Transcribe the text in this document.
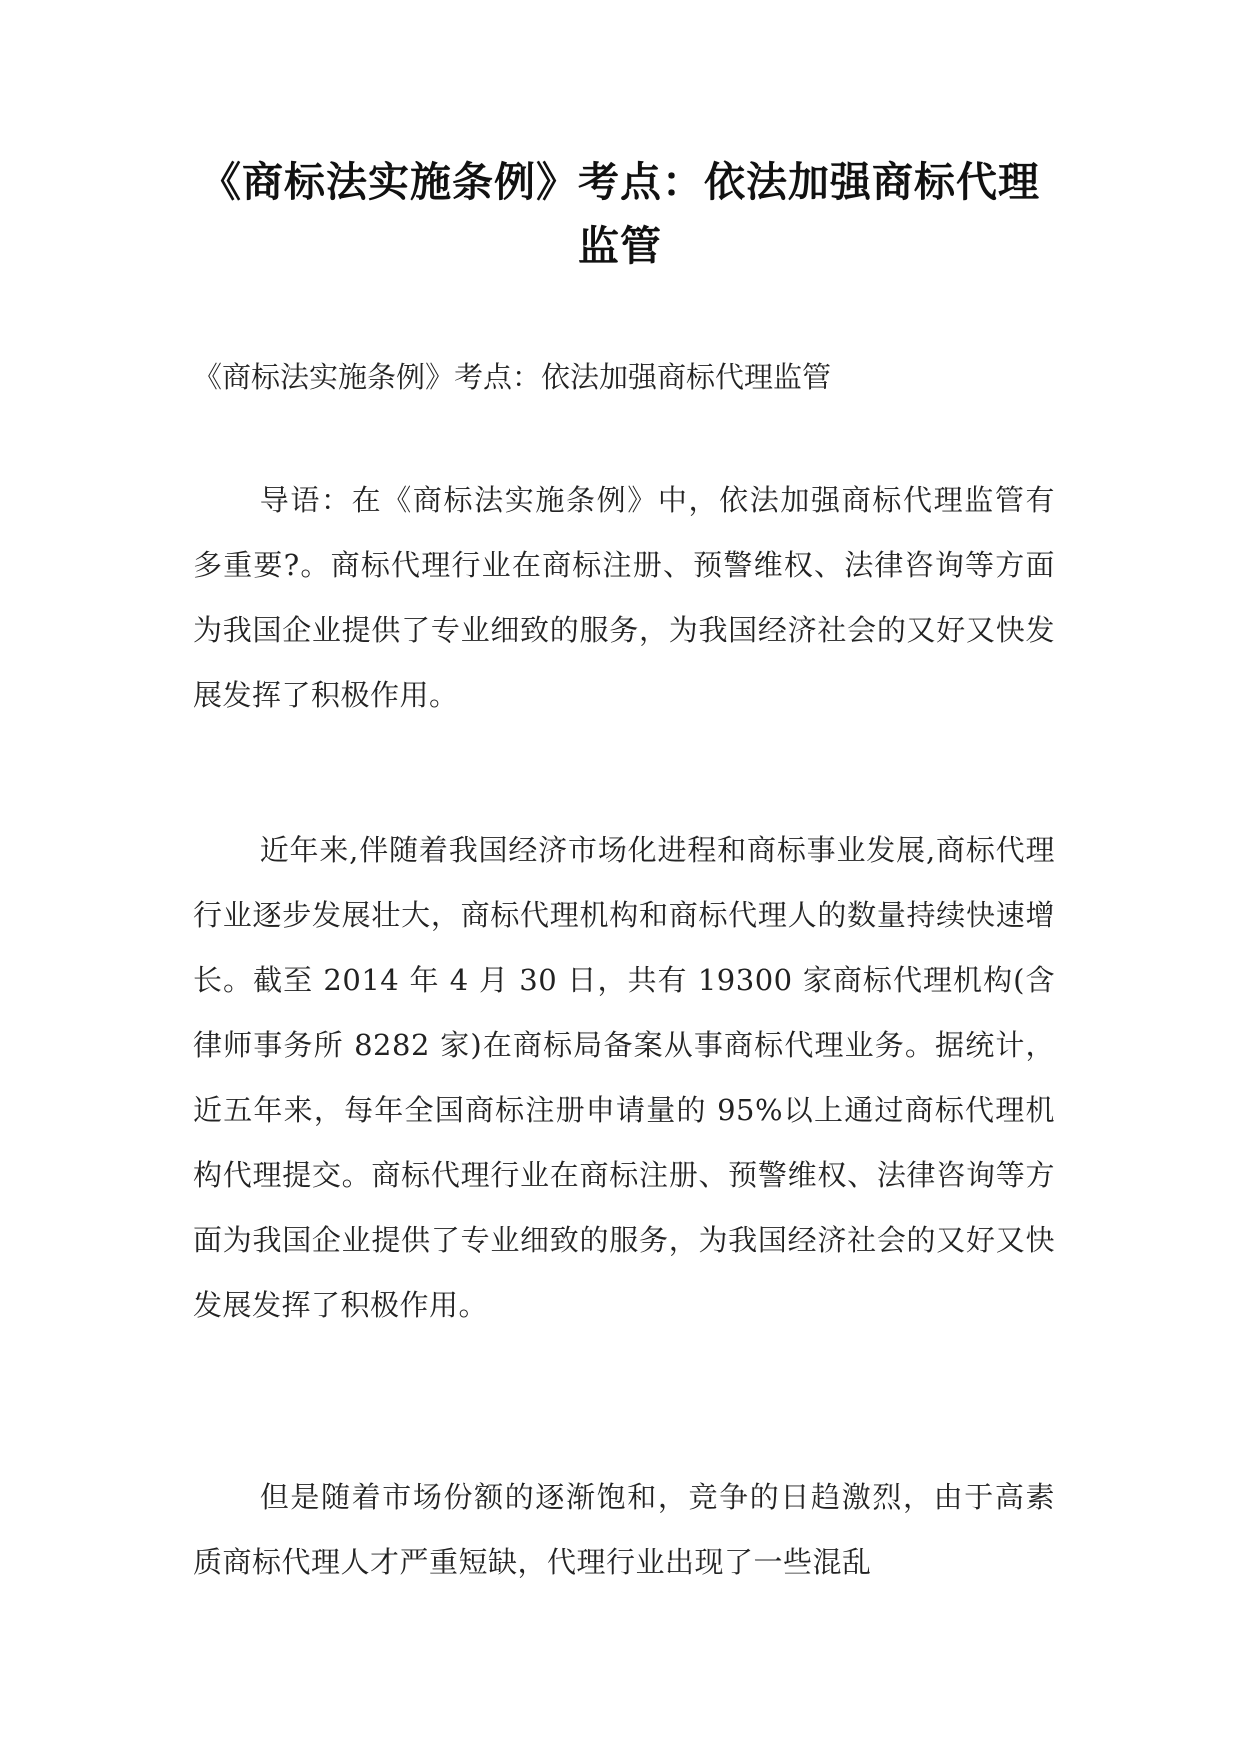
《商标法实施条例》考点：依法加强商标代理监管

《商标法实施条例》考点：依法加强商标代理监管

导语：在《商标法实施条例》中，依法加强商标代理监管有多重要?。商标代理行业在商标注册、预警维权、法律咨询等方面为我国企业提供了专业细致的服务，为我国经济社会的又好又快发展发挥了积极作用。

近年来,伴随着我国经济市场化进程和商标事业发展,商标代理行业逐步发展壮大，商标代理机构和商标代理人的数量持续快速增长。截至 2014 年 4 月 30 日，共有 19300 家商标代理机构(含律师事务所 8282 家)在商标局备案从事商标代理业务。据统计，近五年来，每年全国商标注册申请量的 95%以上通过商标代理机构代理提交。商标代理行业在商标注册、预警维权、法律咨询等方面为我国企业提供了专业细致的服务，为我国经济社会的又好又快发展发挥了积极作用。

但是随着市场份额的逐渐饱和，竞争的日趋激烈，由于高素质商标代理人才严重短缺，代理行业出现了一些混乱
